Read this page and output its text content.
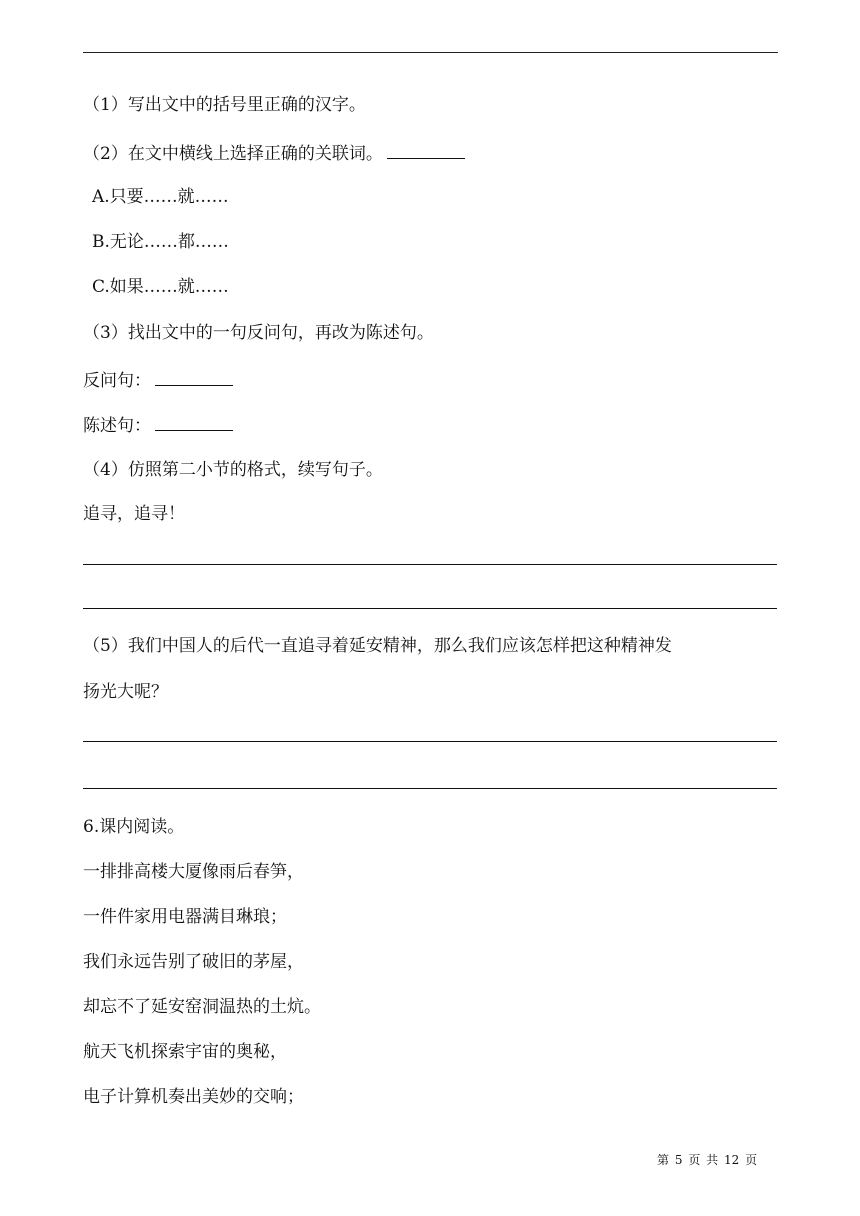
（1）写出文中的括号里正确的汉字。
（2）在文中横线上选择正确的关联词。
A.只要……就……
B.无论……都……
C.如果……就……
（3）找出文中的一句反问句，再改为陈述句。
反问句：
陈述句：
（4）仿照第二小节的格式，续写句子。
追寻，追寻！
（5）我们中国人的后代一直追寻着延安精神，那么我们应该怎样把这种精神发
扬光大呢？
6.课内阅读。
一排排高楼大厦像雨后春笋，
一件件家用电器满目琳琅；
我们永远告别了破旧的茅屋，
却忘不了延安窑洞温热的土炕。
航天飞机探索宇宙的奥秘，
电子计算机奏出美妙的交响；
第 5 页 共 12 页
